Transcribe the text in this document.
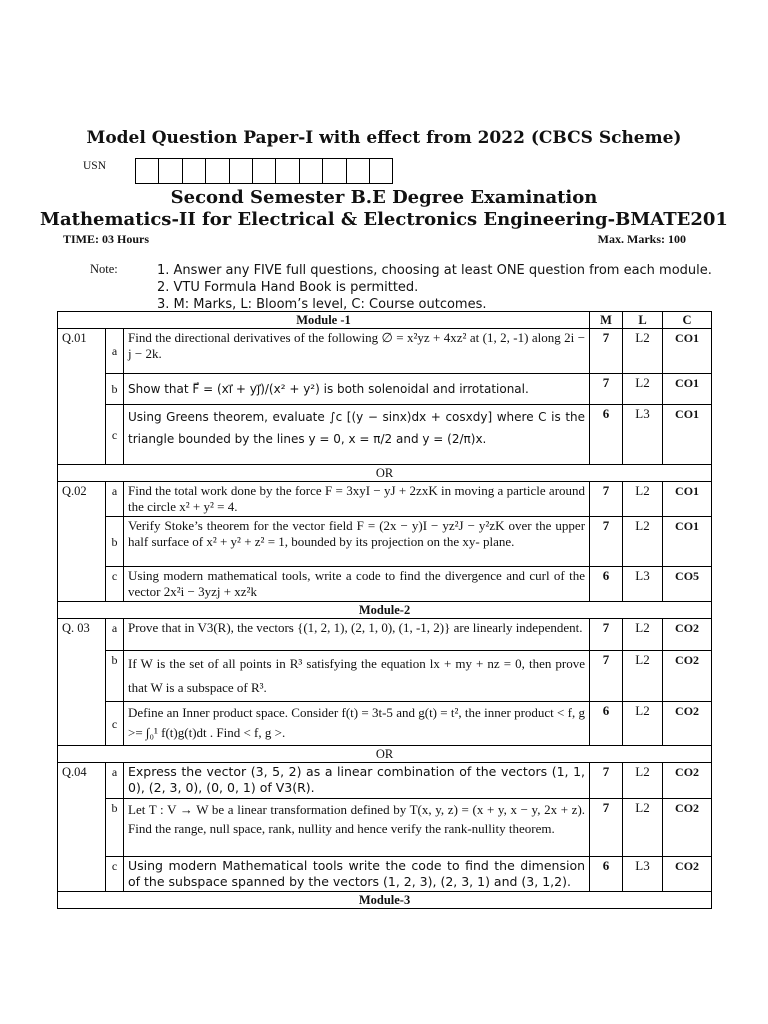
Model Question Paper-I with effect from 2022 (CBCS Scheme)
USN
Second Semester B.E Degree Examination
Mathematics-II for Electrical & Electronics Engineering-BMATE201
TIME: 03 Hours	Max. Marks: 100
Note:	1. Answer any FIVE full questions, choosing at least ONE question from each module.
2. VTU Formula Hand Book is permitted.
3. M: Marks, L: Bloom’s level, C: Course outcomes.
Module -1			M	L	C
Q.01	a	Find the directional derivatives of the following ∅ = x²yz + 4xz² at (1, 2, -1) along 2i − j − 2k.	7	L2	CO1
	b	Show that F⃗ = (xi⃗ + yj⃗)/(x² + y²) is both solenoidal and irrotational.	7	L2	CO1
	c	Using Greens theorem, evaluate ∫c [(y − sinx)dx + cosxdy] where C is the triangle bounded by the lines y = 0, x = π/2 and y = (2/π)x.	6	L3	CO1
OR					
Q.02	a	Find the total work done by the force F = 3xyI − yJ + 2zxK in moving a particle around the circle x² + y² = 4.	7	L2	CO1
	b	Verify Stoke’s theorem for the vector field F = (2x − y)I − yz²J − y²zK over the upper half surface of x² + y² + z² = 1, bounded by its projection on the xy- plane.	7	L2	CO1
	c	Using modern mathematical tools, write a code to find the divergence and curl of the vector 2x²i − 3yzj + xz²k	6	L3	CO5
Module-2					
Q. 03	a	Prove that in V3(R), the vectors {(1, 2, 1), (2, 1, 0), (1, -1, 2)} are linearly independent.	7	L2	CO2
	b	If W is the set of all points in R³ satisfying the equation lx + my + nz = 0, then prove that W is a subspace of R³.	7	L2	CO2
	c	Define an Inner product space. Consider f(t) = 3t-5 and g(t) = t², the inner product < f, g >= ∫₀¹ f(t)g(t)dt . Find < f, g >.	6	L2	CO2
OR					
Q.04	a	Express the vector (3, 5, 2) as a linear combination of the vectors (1, 1, 0), (2, 3, 0), (0, 0, 1) of V3(R).	7	L2	CO2
	b	Let T : V → W be a linear transformation defined by T(x, y, z) = (x + y, x − y, 2x + z). Find the range, null space, rank, nullity and hence verify the rank-nullity theorem.	7	L2	CO2
	c	Using modern Mathematical tools write the code to find the dimension of the subspace spanned by the vectors (1, 2, 3), (2, 3, 1) and (3, 1,2).	6	L3	CO2
Module-3					
